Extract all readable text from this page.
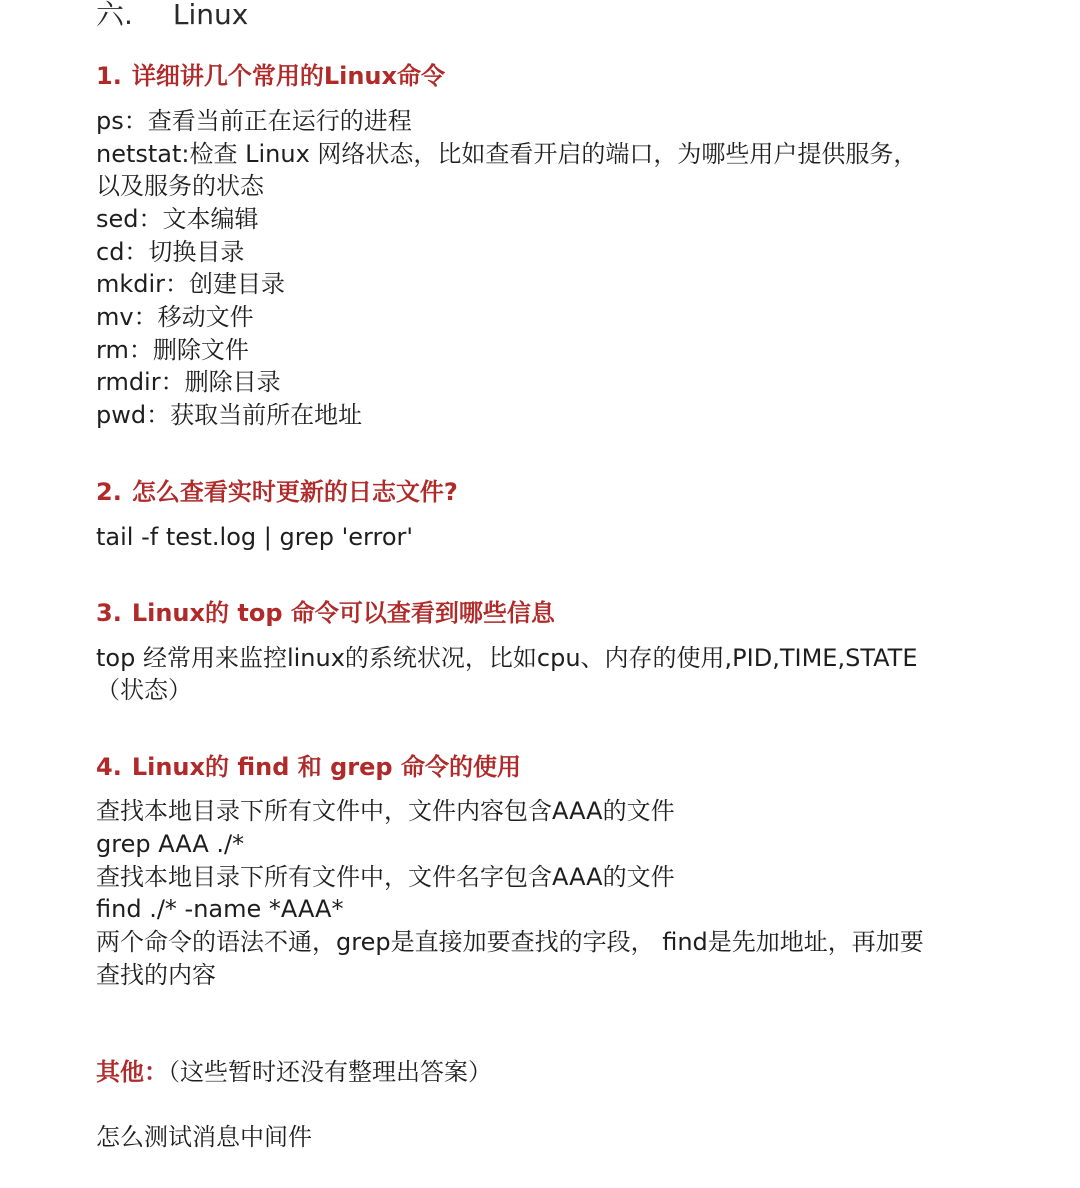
六. Linux
1. 详细讲几个常用的Linux命令
ps：查看当前正在运行的进程
netstat:检查 Linux 网络状态，比如查看开启的端口，为哪些用户提供服务，
以及服务的状态
sed：文本编辑
cd：切换目录
mkdir：创建目录
mv：移动文件
rm：删除文件
rmdir：删除目录
pwd：获取当前所在地址
2. 怎么查看实时更新的日志文件?
tail -f test.log | grep 'error'
3. Linux的 top 命令可以查看到哪些信息
top 经常用来监控linux的系统状况，比如cpu、内存的使用,PID,TIME,STATE
（状态）
4. Linux的 find 和 grep 命令的使用
查找本地目录下所有文件中，文件内容包含AAA的文件
grep AAA ./*
查找本地目录下所有文件中，文件名字包含AAA的文件
find ./* -name *AAA*
两个命令的语法不通，grep是直接加要查找的字段， find是先加地址，再加要
查找的内容
其他：（这些暂时还没有整理出答案）
怎么测试消息中间件
